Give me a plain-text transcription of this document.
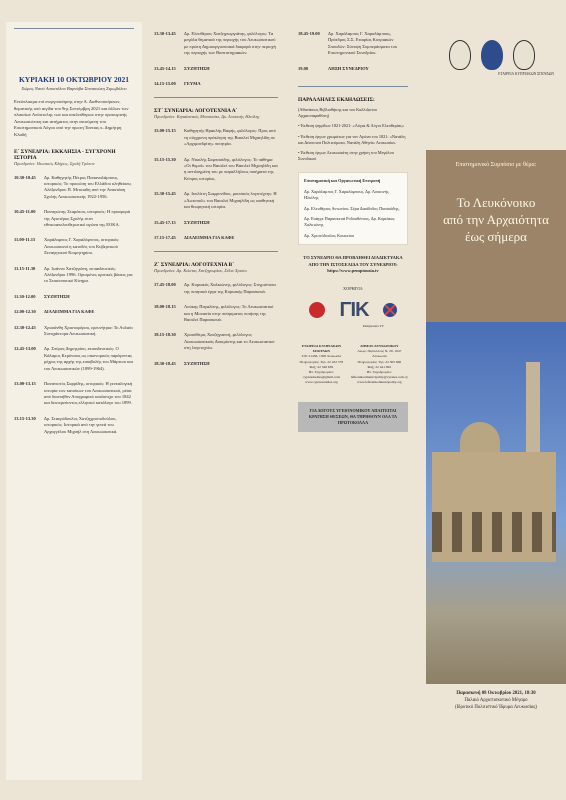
ΚΥΡΙΑΚΗ 10 ΟΚΤΩΒΡΙΟΥ 2021
Χώρος Ναού Αποστόλου Βαρνάβα Σανακιώτη Στρωβόλου
Ενεόπλασμα επί ενεργοποίησης στην Α. Διεθνοποιήσεων, θεματικής υπό αιγίδα του 9ης Σεπτέμβρη 2021 και άλλων των πλαισίων Απόστολης των και απελεύθερων στην προσωρινής Λευκωσιώτικη και αιτήματος στην αιτούμενη του Επιστημονικού Λόγου από την πρωτη Τανειας κ. Δημήτρη Κλαδή
Ε΄ ΣΥΝΕΔΡΙΑ: ΕΚΚΛΗΣΙΑ - ΣΥΓΧΡΟΝΗ ΙΣΤΟΡΙΑ
Προεδρεύει: Ιδιωτικός Κλήρος, Σχολή Τρόπον
10.30-10.45	Δρ. Καθηγητής Πέτρος Παπαναλάμπους, ιστορικός: Το προσώπη του Ελλάδου κληθείσεις Αλέξανδρου Π. Μιτσιαδη από την Αναστάση Σχολής Λευκωσιατικής 1922-1956.
10.45-11.00	Παναγιώτης Σταμάτου, ιστορικός: Η προσφορά της Αγιοτέρας Σχολής στον εθνικοαπελευθερωτικό αγώνα της ΕΟΚΑ.
11.00-11.15	Χαράλαμπος Γ. Χαραλάμπους, ιστορικός: Λευκωσιανοί η κατοδός του Κυβερνικού Ξεναγητικού Κοιμητηρίου.
11.15-11.30	Δρ. Ιωάννα Χατζηγιάνη, εκπαιδευτικός: Αλέξανδροι 1996. Ορισμένες κριτικές βάσεις για το Στασιοποιικό Κίνημα.
11.30-12.00	ΣΥΖΗΤΗΣΗ
12.00-12.30	ΔΙΑΛΕΙΜΜΑ ΓΙΑ ΚΑΦΕ
12.30-12.45	Χρυσάνθη Χριστοφόρου, ερευνήτρια: Το Αυλαίο Συνυχάκτορα Λευκωσιατική.
12.45-13.00	Δρ. Σπύρος Δημητρίου, εκπαιδευτικός: Ο Κάλαμος Κερύνειας ως οικονομικός παράγοντας μέχρις της αρχής της εισαβολής του Μάρτιου και του Λευκωσιατικών (1899-1964).
13.00-13.15	Πανανιστός Σαρρίδης, ιστορικός: Η γενεαλογική ιστορία των κατοίκων του Λευκωσιατικού, μέσα από διανοήθεν Απογραφικό κατάστιχο του 1842 και δευτερεύοντος ελληνικό κατάλογο του 1899.
13.15-13.30	Δρ. Σταυρόδουλος Χατζηχριστοδούλου, ιστορικός: Ιστορικά από την γενεά του Αρχαγγέλου Μιχαήλ στη Λευκωσιατικά.
13.30-13.45	Δρ. Ελευθέριος Χατζηγεωργιάτης, φιλόλογος: Τα μεγάλα θεματικά της περιοχής του Λευκωσιατικού με πρώτη Δημιουργιοποιικά διαφορά στην περιοχή της περιοχής των Βαπτιστηριακών.
13.45-14.15	ΣΥΖΗΤΗΣΗ
14.15-15.00	ΓΕΥΜΑ
ΣΤ΄ ΣΥΝΕΔΡΙΑ: ΛΟΓΟΤΕΧΝΙΑ Α΄
Προεδρεύει: Κηπαϊανικός Μουσικάκι, Δρ. Λουκινής Ηλιόλης
15.00-15.15	Καθηγητής Ηρακλής Βαφής, φιλόλογος: Προς από τη σύγχρονη πρόκληση της Βασιλεί Μιχαηλίδη σε «Αρχιμανδρίτη» ποιητρία.
15.15-15.30	Δρ. Νικολής Σαμπασίδης, φιλόλογος: Το πάθημα «Οι θυμοί» του Βασιλεί του Βασιλεί Μιχαηλίδη και η αντιλαγμένη του με παραλλήλους ποιήματα της Κύπρος ιστορίας.
15.30-15.45	Δρ. Ιουλίττη Σωφρονίδου, μουσικός λογοτέχνης: Η «Λωτοπολ» του Βασιλεί Μιχαηλίδη ως αισθητική και θεωρητική ιστορία.
15.45-17.15	ΣΥΖΗΤΗΣΗ
17.15-17.45	ΔΙΑΛΕΙΜΜΑ ΓΙΑ ΚΑΦΕ
Ζ΄ ΣΥΝΕΔΡΙΑ: ΛΟΓΟΤΕΧΝΙΑ Β΄
Προεδρεύει: Δρ. Κώστας Χατζηγιωρίου, Σέλιν Χριστο
17.45-18.00	Δρ. Κυριακός Χαλκιώνης, φιλόλογος: Στιγμιότυπα της ποιητικά έργα της Κυριακής Παρασκευά.
18.00-18.15	Λούκης Παγαλίτης, φιλόλογος: Το Λευκωσιατικό και η Μονασία στην ποίησματος ποιήσης της Βασιλεί Παρασκευά.
18.15-18.30	Χρυσόθεμις Χατζηγιαννή, φιλόλογος: Λευκωσιατικούς Δοκιμίστης και το Λευκωσιατικό στη λογοτεχνία.
18.30-18.45	ΣΥΖΗΤΗΣΗ
18.45-19.00	Δρ. Χαράλαμπος Γ. Χαραλάμπους, Πρόεδρος Σ.Σ. Εταιρίας Κυπριακών Σπουδών: Σύνοψη Συμπεράσματα του Επιστημονικού Συνεδρίου.
19.00	ΛΗΞΗ ΣΥΝΕΔΡΙΟΥ
ΠΑΡΑΛΛΗΛΕΣ ΕΚΔΗΛΩΣΕΙΣ:
(Αθανάσιος Βιβλιοθήκης και του Καλλιζικίου Αρχαιοπαραθύτη)
• Έκθεση ψηφίδων 1821-2021: «Λόγια & Λόγοι Ελευθερίας»
• Έκθεση έργων χρωμάτων για τον Αγώνα του 1821: «Νατάλη και Δέσποινα Πολιτεύματα, Νατάλη Αθηνά» Λευκωσία»
• Έκθεση έργων Λευκωσιάτη στην χρήση του Μεγάλου Συνοδικού
Επιστημονική και Οργανωτική Επιτροπή
Δρ. Χαράλαμπος Γ. Χαραλάμπους, Δρ. Λουκινής Ηλιόλης
Δρ. Ελευθέριος Αντωνίου, Σέρα Δαυϊδνδος Πασσιάδης,
Δρ. Ευάγγε Παρασκευά Ροδοσθένους, Δρ. Κυριάκος Χαλκιώνης
Δρ. Χριστόδουλος Κουκκίου
ΤΟ ΣΥΝΕΔΡΙΟ ΘΑ ΠΡΟΒΛΗΘΕΙ ΔΙΑΔΙΚΤΥΑΚΑ ΑΠΟ ΤΗΝ ΙΣΤΟΣΕΛΙΔΑ ΤΟΥ ΣΥΝΕΔΡΙΟΥ:
https://www.pemptousia.tv
ΧΟΡΗΓΟΙ:
ΓΙΚ
Pemptousia TV
ΕΤΑΙΡΕΙΑ ΚΥΠΡΙΑΚΩΝ ΣΠΟΥΔΩΝ
Τ.Θ. 21436, 1508 Λευκωσία
Πληροφορίες: Τηλ. 22 432 578
Φαξ: 22 348 639
Ηλ. Ταχυδρομείο: cyprusstudies@gmail.com
www.cyprusstudies.org
ΔΗΜΟΣ ΛΕΥΚΩΝΙΚΟΥ
Λεωφ. Περικλέους Ν. 29, 1047 Λευκωσία
Πληροφορίες: Τηλ. 22 305 666
Φαξ: 22 441 992
Ηλ. Ταχυδρομείο: lefkonikoumunicipality@cytanet.com.cy
www.lefkonikomunicipality.org
ΓΙΑ ΛΟΓΟΥΣ ΥΓΕΙΟΝΟΜΙΚΟΥ ΑΠΑΙΤΕΙΤΑΙ ΚΡΑΤΗΣΗ ΘΕΣΕΩΝ, ΘΑ ΤΗΡΗΘΟΥΝ ΟΛΑ ΤΑ ΠΡΩΤΟΚΟΛΛΑ
ΕΤΑΙΡΕΙΑ ΚΥΠΡΙΑΚΩΝ ΣΠΟΥΔΩΝ
Επιστημονικό Συμπόσιο με θέμα:
Το Λευκόνοικο
από την Αρχαιότητα
έως σήμερα
Παρασκευή 08 Οκτωβρίου 2021, 18:30
Παλαιό Αρχιεπισκοπικό Μέγαρο
(Ιδρυτικό Πολιτιστικό Ίδρυμα Λευκωσίας)
